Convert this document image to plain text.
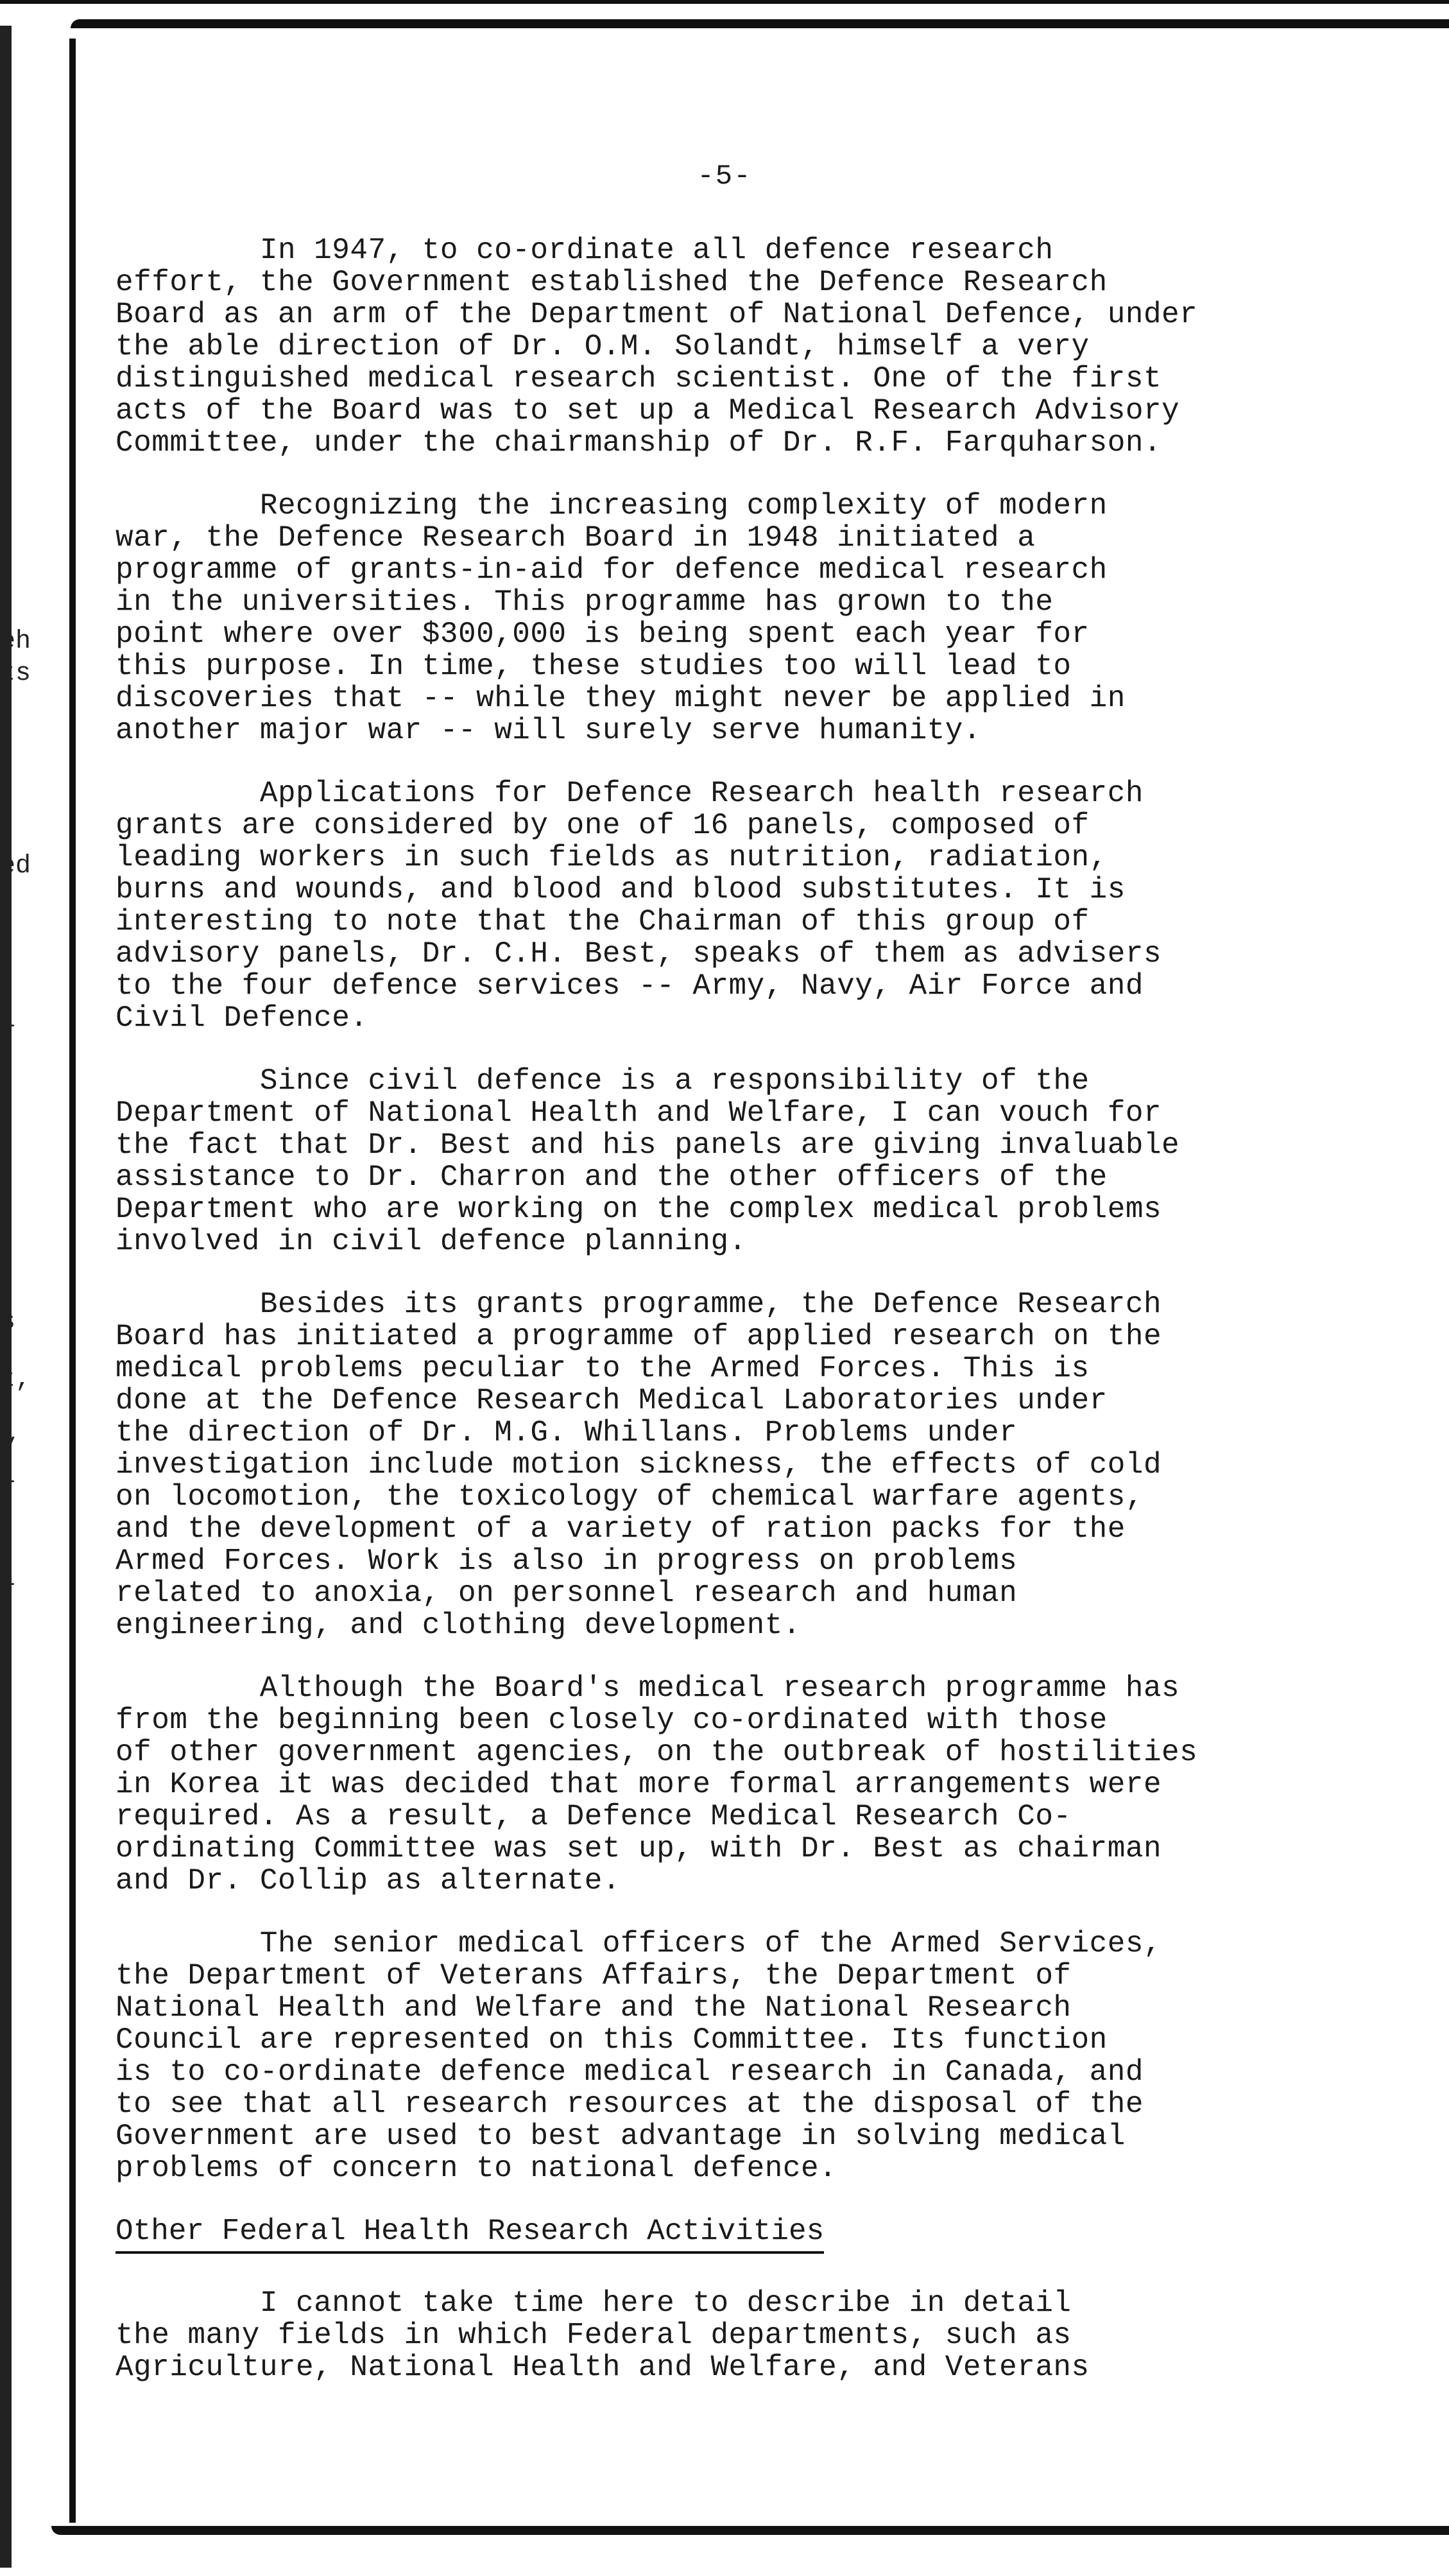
eh
ts
ed
l
s
t,
y
l
l
-5-
In 1947, to co-ordinate all defence research
effort, the Government established the Defence Research
Board as an arm of the Department of National Defence, under
the able direction of Dr. O.M. Solandt, himself a very
distinguished medical research scientist. One of the first
acts of the Board was to set up a Medical Research Advisory
Committee, under the chairmanship of Dr. R.F. Farquharson.
Recognizing the increasing complexity of modern
war, the Defence Research Board in 1948 initiated a
programme of grants-in-aid for defence medical research
in the universities. This programme has grown to the
point where over $300,000 is being spent each year for
this purpose. In time, these studies too will lead to
discoveries that -- while they might never be applied in
another major war -- will surely serve humanity.
Applications for Defence Research health research
grants are considered by one of 16 panels, composed of
leading workers in such fields as nutrition, radiation,
burns and wounds, and blood and blood substitutes. It is
interesting to note that the Chairman of this group of
advisory panels, Dr. C.H. Best, speaks of them as advisers
to the four defence services -- Army, Navy, Air Force and
Civil Defence.
Since civil defence is a responsibility of the
Department of National Health and Welfare, I can vouch for
the fact that Dr. Best and his panels are giving invaluable
assistance to Dr. Charron and the other officers of the
Department who are working on the complex medical problems
involved in civil defence planning.
Besides its grants programme, the Defence Research
Board has initiated a programme of applied research on the
medical problems peculiar to the Armed Forces. This is
done at the Defence Research Medical Laboratories under
the direction of Dr. M.G. Whillans. Problems under
investigation include motion sickness, the effects of cold
on locomotion, the toxicology of chemical warfare agents,
and the development of a variety of ration packs for the
Armed Forces. Work is also in progress on problems
related to anoxia, on personnel research and human
engineering, and clothing development.
Although the Board's medical research programme has
from the beginning been closely co-ordinated with those
of other government agencies, on the outbreak of hostilities
in Korea it was decided that more formal arrangements were
required. As a result, a Defence Medical Research Co-
ordinating Committee was set up, with Dr. Best as chairman
and Dr. Collip as alternate.
The senior medical officers of the Armed Services,
the Department of Veterans Affairs, the Department of
National Health and Welfare and the National Research
Council are represented on this Committee. Its function
is to co-ordinate defence medical research in Canada, and
to see that all research resources at the disposal of the
Government are used to best advantage in solving medical
problems of concern to national defence.
Other Federal Health Research Activities
I cannot take time here to describe in detail
the many fields in which Federal departments, such as
Agriculture, National Health and Welfare, and Veterans
